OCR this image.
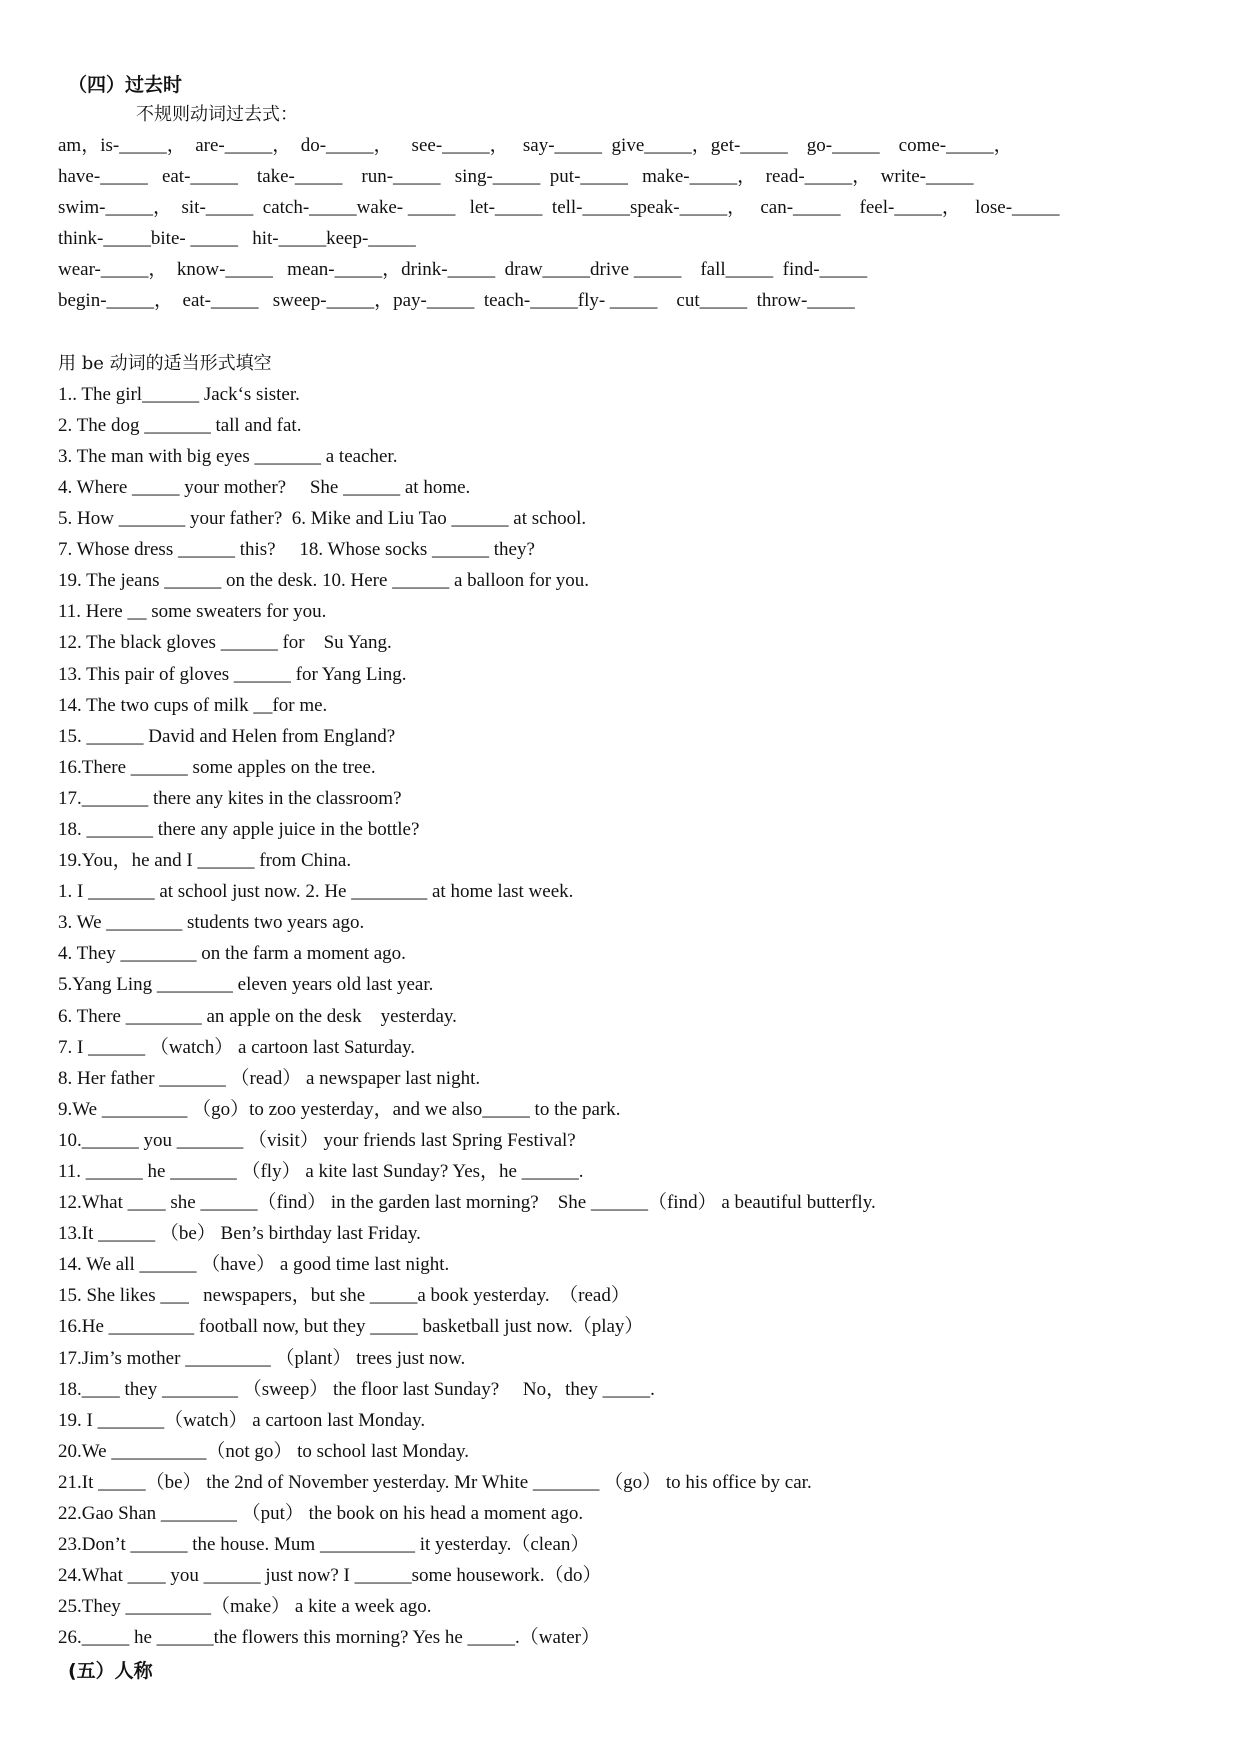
（四）过去时
不规则动词过去式：
am，is-_____，  are-_____，  do-_____，    see-_____，   say-_____  give_____，get-_____    go-_____    come-_____，
have-_____   eat-_____    take-_____    run-_____   sing-_____  put-_____   make-_____，  read-_____，  write-_____
swim-_____，  sit-_____  catch-_____wake- _____   let-_____  tell-_____speak-_____，   can-_____    feel-_____，   lose-_____
think-_____bite- _____   hit-_____keep-_____
wear-_____，  know-_____   mean-_____，drink-_____  draw_____drive _____    fall_____  find-_____
begin-_____，  eat-_____   sweep-_____，pay-_____  teach-_____fly- _____    cut_____  throw-_____
用 be 动词的适当形式填空
1.. The girl______ Jack‘s sister.
2. The dog _______ tall and fat.
3. The man with big eyes _______ a teacher.
4. Where _____ your mother?     She ______ at home.
5. How _______ your father?  6. Mike and Liu Tao ______ at school.
7. Whose dress ______ this?     18. Whose socks ______ they?
19. The jeans ______ on the desk. 10. Here ______ a balloon for you.
11. Here __ some sweaters for you.
12. The black gloves ______ for    Su Yang.
13. This pair of gloves ______ for Yang Ling.
14. The two cups of milk __for me.
15. ______ David and Helen from England?
16.There ______ some apples on the tree.
17._______ there any kites in the classroom?
18. _______ there any apple juice in the bottle?
19.You，he and I ______ from China.
1. I _______ at school just now. 2. He ________ at home last week.
3. We ________ students two years ago.
4. They ________ on the farm a moment ago.
5.Yang Ling ________ eleven years old last year.
6. There ________ an apple on the desk    yesterday.
7. I ______ （watch） a cartoon last Saturday.
8. Her father _______ （read） a newspaper last night.
9.We _________ （go）to zoo yesterday，and we also_____ to the park.
10.______ you _______ （visit） your friends last Spring Festival?
11. ______ he _______ （fly） a kite last Sunday? Yes，he ______.
12.What ____ she ______（find） in the garden last morning?    She ______（find） a beautiful butterfly.
13.It ______ （be） Ben’s birthday last Friday.
14. We all ______ （have） a good time last night.
15. She likes ___   newspapers，but she _____a book yesterday.  （read）
16.He _________ football now, but they _____ basketball just now.（play）
17.Jim’s mother _________ （plant） trees just now.
18.____ they ________ （sweep） the floor last Sunday?     No，they _____.
19. I _______（watch） a cartoon last Monday.
20.We __________（not go） to school last Monday.
21.It _____（be） the 2nd of November yesterday. Mr White _______ （go） to his office by car.
22.Gao Shan ________ （put） the book on his head a moment ago.
23.Don’t ______ the house. Mum __________ it yesterday.（clean）
24.What ____ you ______ just now? I ______some housework.（do）
25.They _________（make） a kite a week ago.
26._____ he ______the flowers this morning? Yes he _____.（water）
(五）人称
